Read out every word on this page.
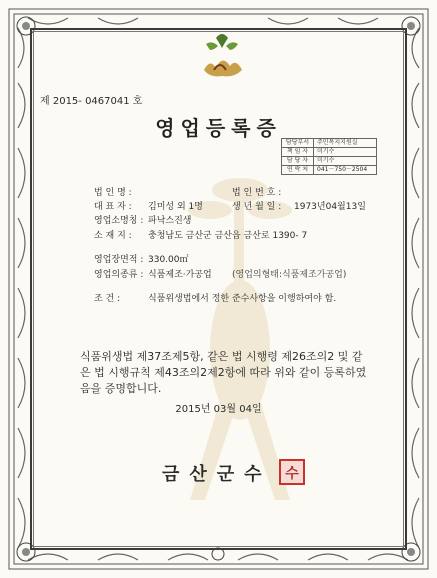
제 2015- 0467041 호
영업등록증
담당부서	주민복지지원실
책 임 자	미기수
담 당 자	미기수
연 락 처	041－750－2504
법 인 명 :	법 인 번 호 :
대 표 자 : 김미성 외 1명	생 년 월 일 : 1973년04월13일
영업소명칭 : 파낙스진생
소 재 지 : 충청남도 금산군 금산읍 금산로 1390- 7
영업장면적 : 330.00㎡
영업의종류 : 식품제조·가공업 (영업의형태:식품제조가공업)
조 건 :	식품위생법에서 정한 준수사항을 이행하여야 함.
식품위생법 제37조제5항, 같은 법 시행령 제26조의2 및 같은 법 시행규칙 제43조의2제2항에 따라 위와 같이 등록하였음을 증명합니다.
2015년 03월 04일
금산군수 수
